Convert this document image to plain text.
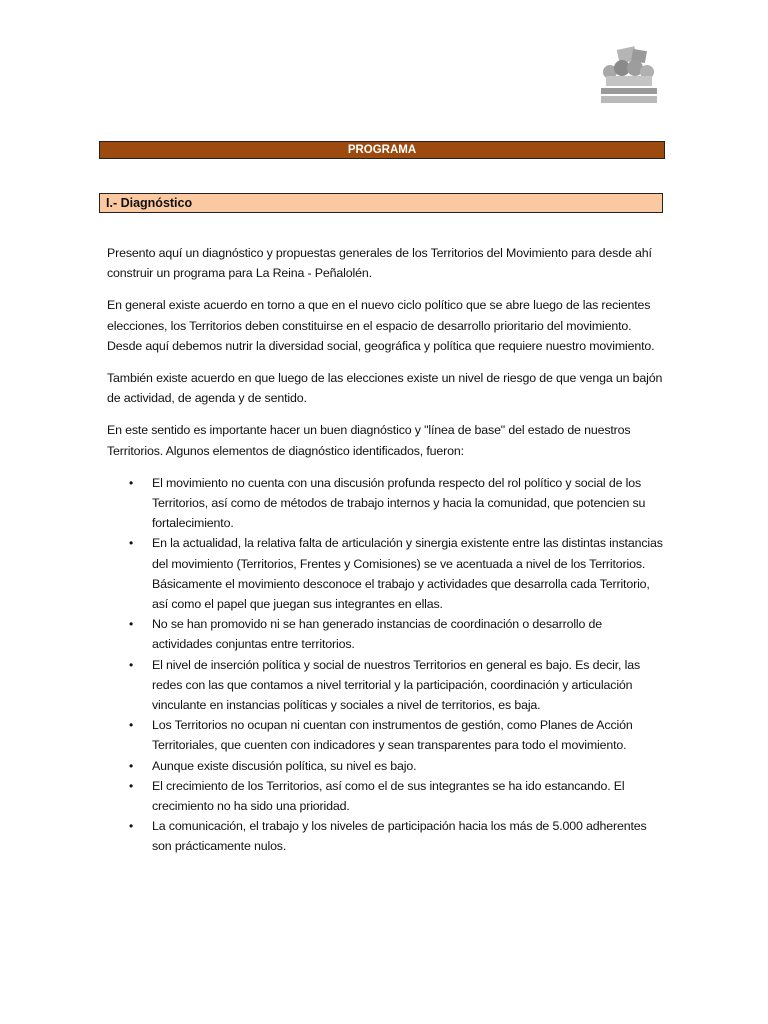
PROGRAMA
I.- Diagnóstico

Presento aquí un diagnóstico y propuestas generales de los Territorios del Movimiento para desde ahí construir un programa para La Reina - Peñalolén.

En general existe acuerdo en torno a que en el nuevo ciclo político que se abre luego de las recientes elecciones, los Territorios deben constituirse en el espacio de desarrollo prioritario del movimiento. Desde aquí debemos nutrir la diversidad social, geográfica y política que requiere nuestro movimiento.

También existe acuerdo en que luego de las elecciones existe un nivel de riesgo de que venga un bajón de actividad, de agenda y de sentido.

En este sentido es importante hacer un buen diagnóstico y "línea de base" del estado de nuestros Territorios. Algunos elementos de diagnóstico identificados, fueron:

• El movimiento no cuenta con una discusión profunda respecto del rol político y social de los Territorios, así como de métodos de trabajo internos y hacia la comunidad, que potencien su fortalecimiento.
• En la actualidad, la relativa falta de articulación y sinergia existente entre las distintas instancias del movimiento (Territorios, Frentes y Comisiones) se ve acentuada a nivel de los Territorios. Básicamente el movimiento desconoce el trabajo y actividades que desarrolla cada Territorio, así como el papel que juegan sus integrantes en ellas.
• No se han promovido ni se han generado instancias de coordinación o desarrollo de actividades conjuntas entre territorios.
• El nivel de inserción política y social de nuestros Territorios en general es bajo. Es decir, las redes con las que contamos a nivel territorial y la participación, coordinación y articulación vinculante en instancias políticas y sociales a nivel de territorios, es baja.
• Los Territorios no ocupan ni cuentan con instrumentos de gestión, como Planes de Acción Territoriales, que cuenten con indicadores y sean transparentes para todo el movimiento.
• Aunque existe discusión política, su nivel es bajo.
• El crecimiento de los Territorios, así como el de sus integrantes se ha ido estancando. El crecimiento no ha sido una prioridad.
• La comunicación, el trabajo y los niveles de participación hacia los más de 5.000 adherentes son prácticamente nulos.
